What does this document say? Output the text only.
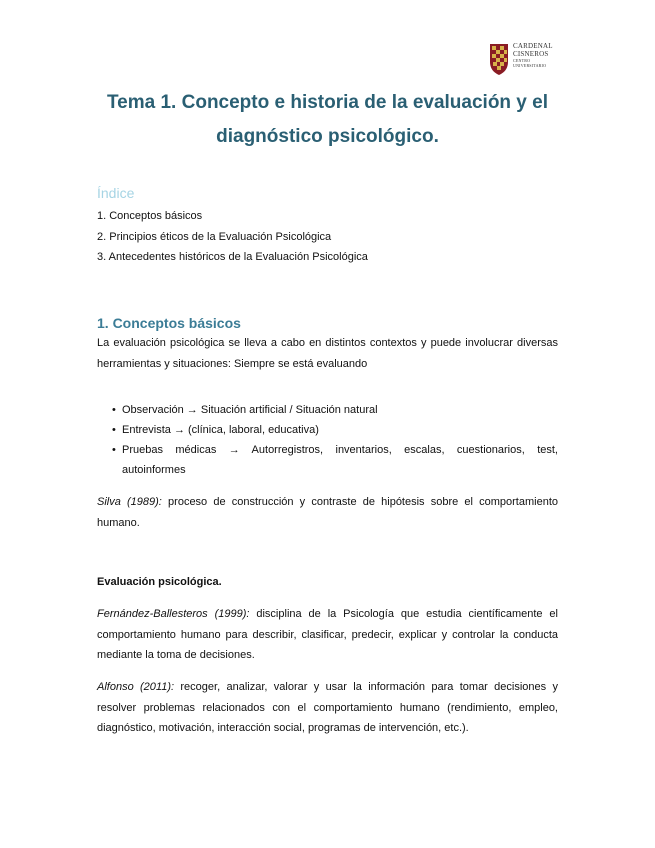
CARDENAL
CISNEROS
CENTRO UNIVERSITARIO
Tema 1. Concepto e historia de la evaluación y el diagnóstico psicológico.
Índice
1. Conceptos básicos
2. Principios éticos de la Evaluación Psicológica
3. Antecedentes históricos de la Evaluación Psicológica
1. Conceptos básicos

La evaluación psicológica se lleva a cabo en distintos contextos y puede involucrar diversas herramientas y situaciones: Siempre se está evaluando

• Observación → Situación artificial / Situación natural
• Entrevista → (clínica, laboral, educativa)
• Pruebas médicas → Autorregistros, inventarios, escalas, cuestionarios, test, autoinformes

Silva (1989): proceso de construcción y contraste de hipótesis sobre el comportamiento humano.

Evaluación psicológica.

Fernández-Ballesteros (1999): disciplina de la Psicología que estudia científicamente el comportamiento humano para describir, clasificar, predecir, explicar y controlar la conducta mediante la toma de decisiones.

Alfonso (2011): recoger, analizar, valorar y usar la información para tomar decisiones y resolver problemas relacionados con el comportamiento humano (rendimiento, empleo, diagnóstico, motivación, interacción social, programas de intervención, etc.).
